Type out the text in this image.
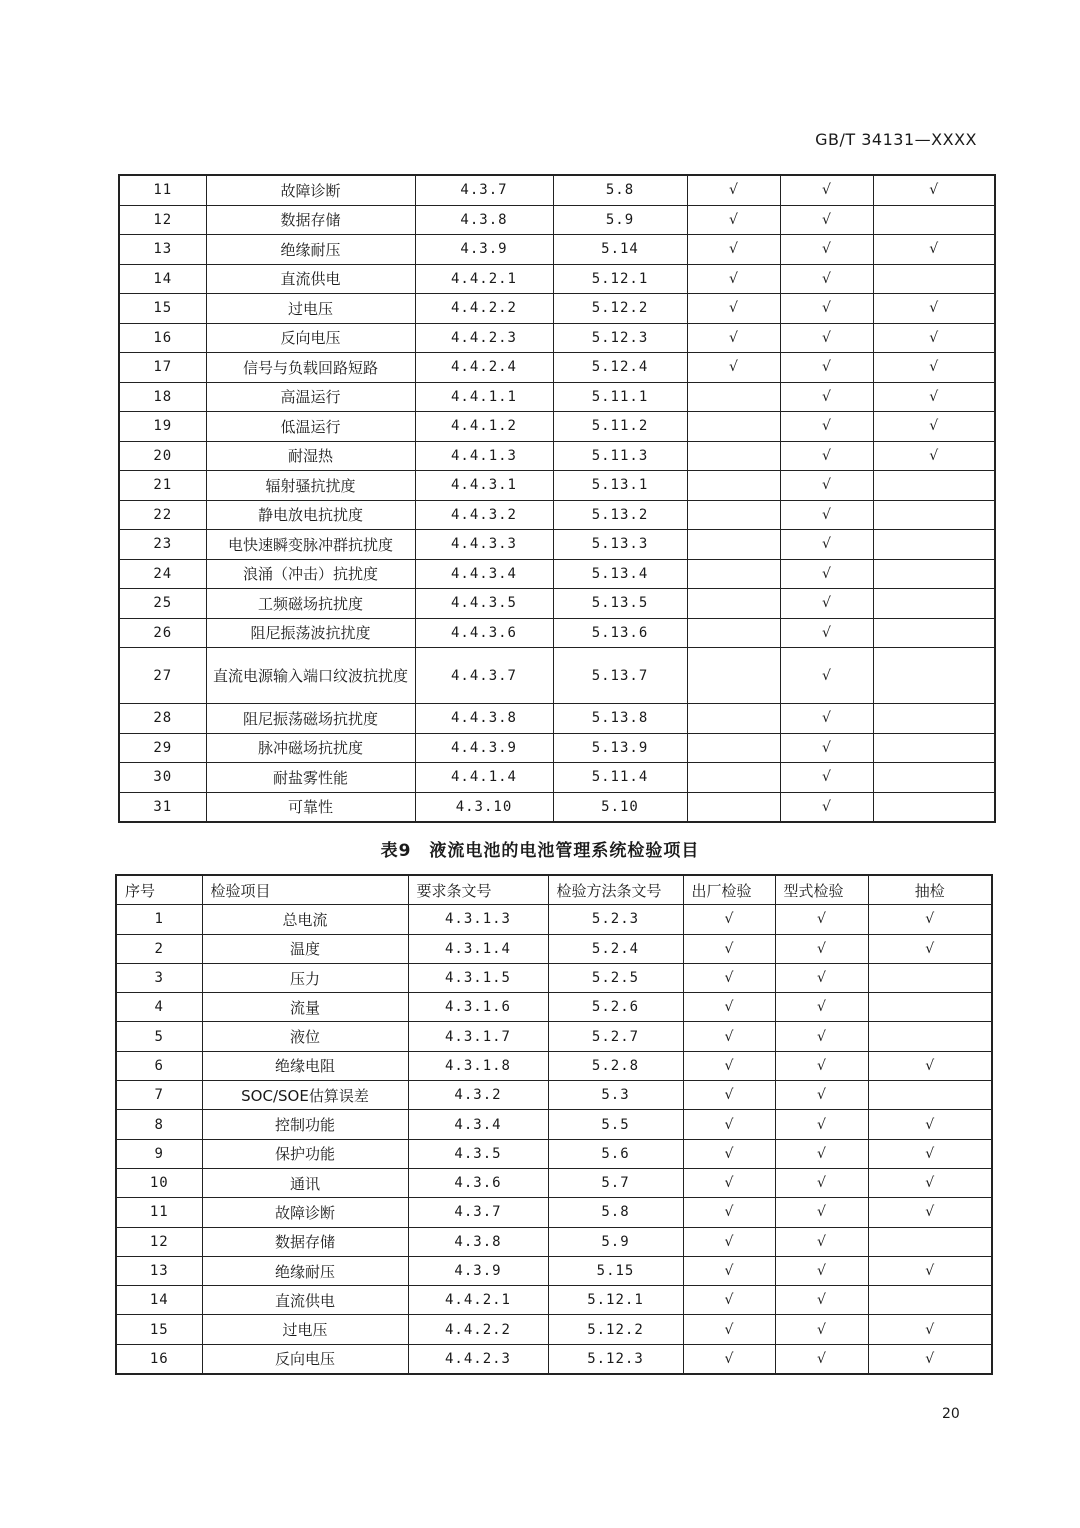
GB/T 34131—XXXX
11	故障诊断	4.3.7	5.8	√	√	√
12	数据存储	4.3.8	5.9	√	√	
13	绝缘耐压	4.3.9	5.14	√	√	√
14	直流供电	4.4.2.1	5.12.1	√	√	
15	过电压	4.4.2.2	5.12.2	√	√	√
16	反向电压	4.4.2.3	5.12.3	√	√	√
17	信号与负载回路短路	4.4.2.4	5.12.4	√	√	√
18	高温运行	4.4.1.1	5.11.1		√	√
19	低温运行	4.4.1.2	5.11.2		√	√
20	耐湿热	4.4.1.3	5.11.3		√	√
21	辐射骚抗扰度	4.4.3.1	5.13.1		√	
22	静电放电抗扰度	4.4.3.2	5.13.2		√	
23	电快速瞬变脉冲群抗扰度	4.4.3.3	5.13.3		√	
24	浪涌（冲击）抗扰度	4.4.3.4	5.13.4		√	
25	工频磁场抗扰度	4.4.3.5	5.13.5		√	
26	阻尼振荡波抗扰度	4.4.3.6	5.13.6		√	
27	直流电源输入端口纹波抗扰度	4.4.3.7	5.13.7		√	
28	阻尼振荡磁场抗扰度	4.4.3.8	5.13.8		√	
29	脉冲磁场抗扰度	4.4.3.9	5.13.9		√	
30	耐盐雾性能	4.4.1.4	5.11.4		√	
31	可靠性	4.3.10	5.10		√	
表9　液流电池的电池管理系统检验项目
序号	检验项目	要求条文号	检验方法条文号	出厂检验	型式检验	抽检
1	总电流	4.3.1.3	5.2.3	√	√	√
2	温度	4.3.1.4	5.2.4	√	√	√
3	压力	4.3.1.5	5.2.5	√	√	
4	流量	4.3.1.6	5.2.6	√	√	
5	液位	4.3.1.7	5.2.7	√	√	
6	绝缘电阻	4.3.1.8	5.2.8	√	√	√
7	SOC/SOE估算误差	4.3.2	5.3	√	√	
8	控制功能	4.3.4	5.5	√	√	√
9	保护功能	4.3.5	5.6	√	√	√
10	通讯	4.3.6	5.7	√	√	√
11	故障诊断	4.3.7	5.8	√	√	√
12	数据存储	4.3.8	5.9	√	√	
13	绝缘耐压	4.3.9	5.15	√	√	√
14	直流供电	4.4.2.1	5.12.1	√	√	
15	过电压	4.4.2.2	5.12.2	√	√	√
16	反向电压	4.4.2.3	5.12.3	√	√	√
20
